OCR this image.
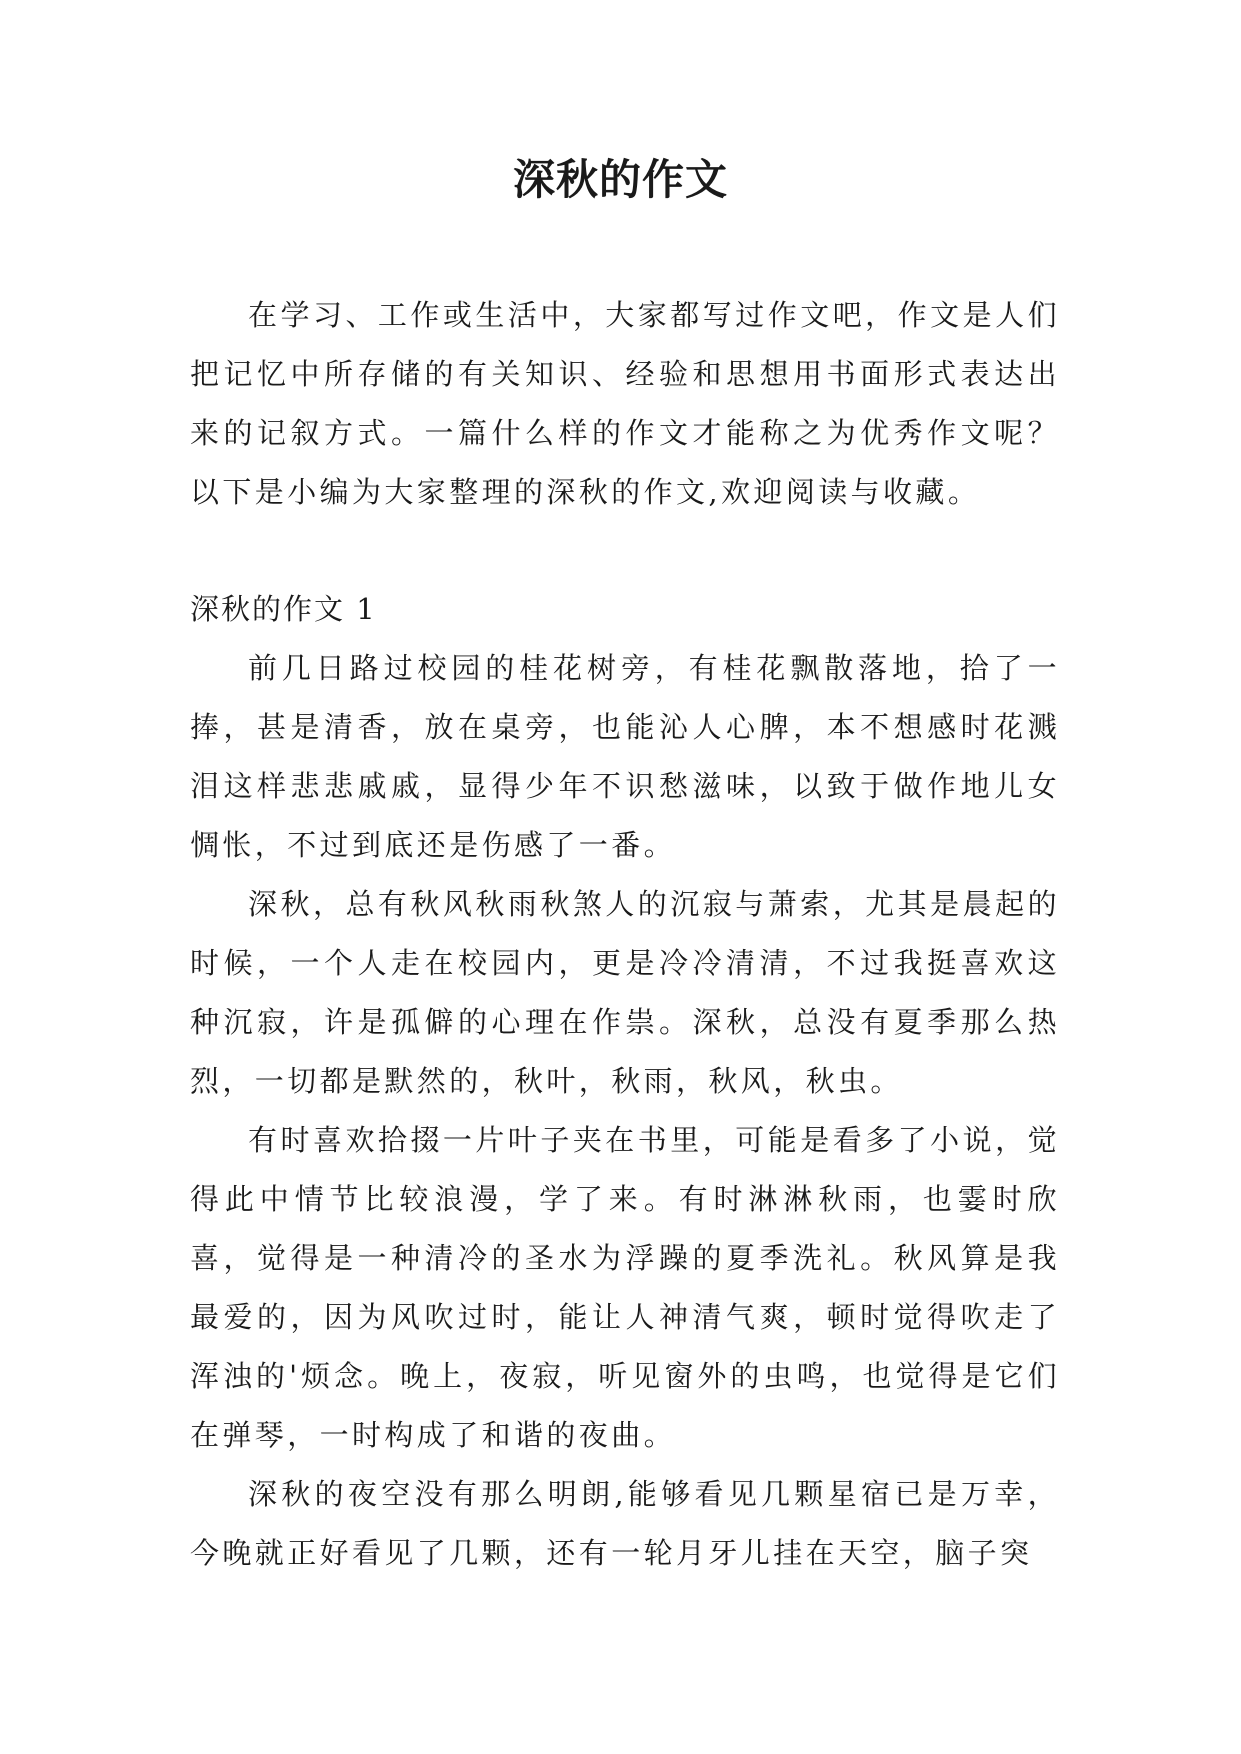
深秋的作文

在学习、工作或生活中，大家都写过作文吧，作文是人们把记忆中所存储的有关知识、经验和思想用书面形式表达出来的记叙方式。一篇什么样的作文才能称之为优秀作文呢？以下是小编为大家整理的深秋的作文,欢迎阅读与收藏。

深秋的作文 1

前几日路过校园的桂花树旁，有桂花飘散落地，拾了一捧，甚是清香，放在桌旁，也能沁人心脾，本不想感时花溅泪这样悲悲戚戚，显得少年不识愁滋味，以致于做作地儿女惆怅，不过到底还是伤感了一番。

深秋，总有秋风秋雨秋煞人的沉寂与萧索，尤其是晨起的时候，一个人走在校园内，更是冷冷清清，不过我挺喜欢这种沉寂，许是孤僻的心理在作祟。深秋，总没有夏季那么热烈，一切都是默然的，秋叶，秋雨，秋风，秋虫。

有时喜欢拾掇一片叶子夹在书里，可能是看多了小说，觉得此中情节比较浪漫，学了来。有时淋淋秋雨，也霎时欣喜，觉得是一种清冷的圣水为浮躁的夏季洗礼。秋风算是我最爱的，因为风吹过时，能让人神清气爽，顿时觉得吹走了浑浊的'烦念。晚上，夜寂，听见窗外的虫鸣，也觉得是它们在弹琴，一时构成了和谐的夜曲。

深秋的夜空没有那么明朗,能够看见几颗星宿已是万幸，今晚就正好看见了几颗，还有一轮月牙儿挂在天空，脑子突
